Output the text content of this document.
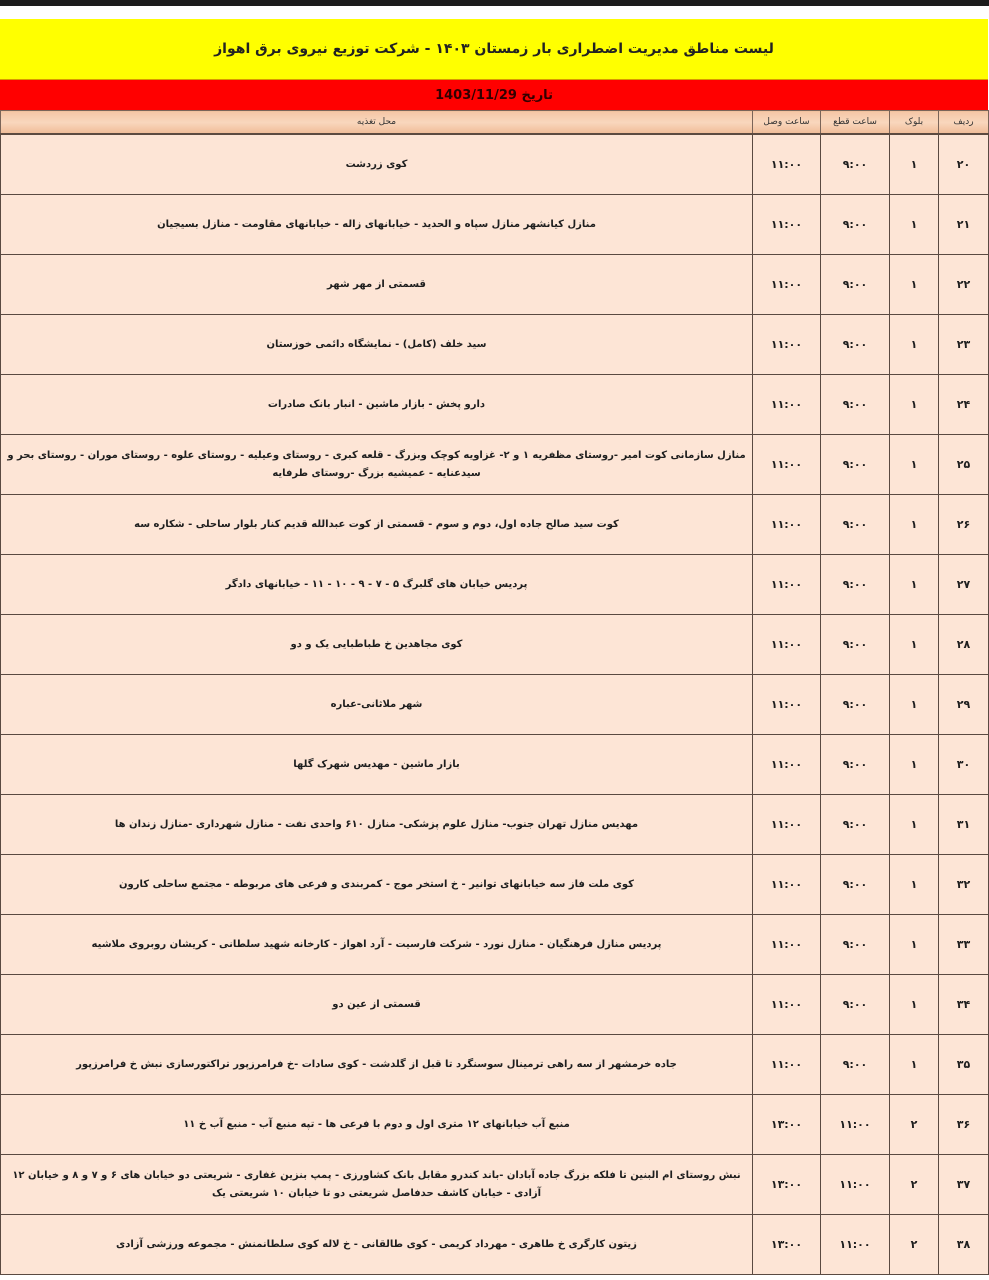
لیست مناطق مدیریت اضطراری بار زمستان ۱۴۰۳ - شرکت توزیع نیروی برق اهواز
تاریخ 1403/11/29
ردیف	بلوک	ساعت قطع	ساعت وصل	محل تغذیه
۲۰	۱	۹:۰۰	۱۱:۰۰	کوی زردشت
۲۱	۱	۹:۰۰	۱۱:۰۰	منازل کیانشهر منازل سپاه و الحدید - خیابانهای زاله - خیابانهای مقاومت - منازل بسیجیان
۲۲	۱	۹:۰۰	۱۱:۰۰	قسمتی از مهر شهر
۲۳	۱	۹:۰۰	۱۱:۰۰	سید خلف (کامل) - نمایشگاه دائمی خوزستان
۲۴	۱	۹:۰۰	۱۱:۰۰	دارو پخش - بازار ماشین - انبار بانک صادرات
۲۵	۱	۹:۰۰	۱۱:۰۰	منازل سازمانی کوت امیر -روستای مظفریه ۱ و ۲- غزاویه کوچک وبزرگ - قلعه کبری - روستای وعیلیه - روستای علوه - روستای موران - روستای بحر و سیدعنایه - عمیشیه بزرگ -روستای طرفایه
۲۶	۱	۹:۰۰	۱۱:۰۰	کوت سید صالح جاده اول، دوم و سوم - قسمتی از کوت عبدالله قدیم کنار بلوار ساحلی - شکاره سه
۲۷	۱	۹:۰۰	۱۱:۰۰	پردیس خیابان های گلبرگ ۵ - ۷ - ۹ - ۱۰ - ۱۱ - خیابانهای دادگر
۲۸	۱	۹:۰۰	۱۱:۰۰	کوی مجاهدین خ طباطبایی یک و دو
۲۹	۱	۹:۰۰	۱۱:۰۰	شهر ملاثانی-عباره
۳۰	۱	۹:۰۰	۱۱:۰۰	بازار ماشین - مهدیس شهرک گلها
۳۱	۱	۹:۰۰	۱۱:۰۰	مهدیس منازل تهران جنوب- منازل علوم پزشکی- منازل ۶۱۰ واحدی نفت - منازل شهرداری -منازل زندان ها
۳۲	۱	۹:۰۰	۱۱:۰۰	کوی ملت فاز سه خیابانهای توانیر - خ استخر موج - کمربندی و فرعی های مربوطه - مجتمع ساحلی کارون
۳۳	۱	۹:۰۰	۱۱:۰۰	پردیس منازل فرهنگیان - منازل نورد - شرکت فارسیت - آرد اهواز - کارخانه شهید سلطانی - کریشان روبروی ملاشیه
۳۴	۱	۹:۰۰	۱۱:۰۰	قسمتی از عین دو
۳۵	۱	۹:۰۰	۱۱:۰۰	جاده خرمشهر از سه راهی ترمینال سوسنگرد تا قبل از گلدشت - کوی سادات -خ فرامرزپور تراکتورسازی نبش خ فرامرزپور
۳۶	۲	۱۱:۰۰	۱۳:۰۰	منبع آب خیابانهای ۱۲ متری اول و دوم با فرعی ها - تپه منبع آب - منبع آب خ ۱۱
۳۷	۲	۱۱:۰۰	۱۳:۰۰	نبش روستای ام البنین تا فلکه بزرگ جاده آبادان -باند کندرو مقابل بانک کشاورزی - پمپ بنزین غفاری - شریعتی دو خیابان های ۶ و ۷ و ۸ و خیابان ۱۲ آزادی - خیابان کاشف حدفاصل شریعتی دو تا خیابان ۱۰ شریعتی یک
۳۸	۲	۱۱:۰۰	۱۳:۰۰	زیتون کارگری خ طاهری - مهرداد کریمی - کوی طالقانی - خ لاله کوی سلطانمنش - مجموعه ورزشی آزادی
